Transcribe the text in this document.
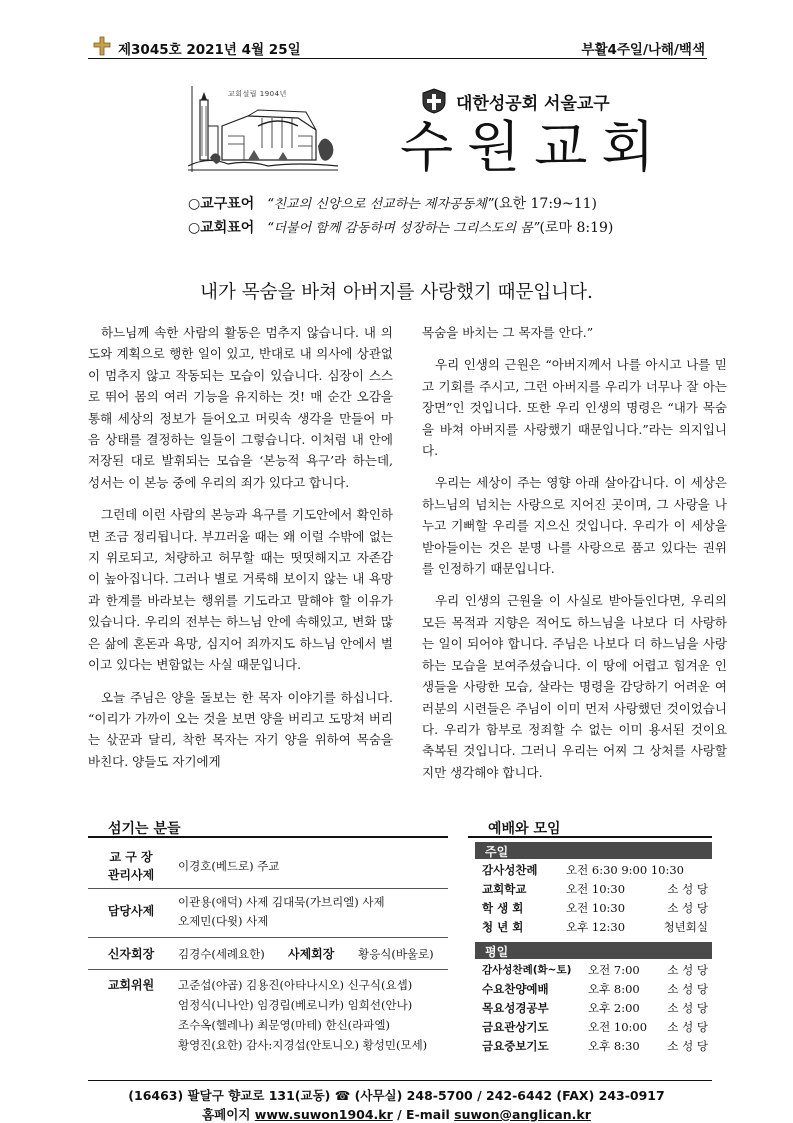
제3045호 2021년 4월 25일	부활4주일/나해/백색
교회설립 1904년	대한성공회 서울교구
수원교회
○교구표어 “친교의 신앙으로 선교하는 제자공동체”(요한 17:9~11)
○교회표어 “더불어 함께 감동하며 성장하는 그리스도의 몸”(로마 8:19)
내가 목숨을 바쳐 아버지를 사랑했기 때문입니다.

하느님께 속한 사람의 활동은 멈추지 않습니다. 내 의도와 계획으로 행한 일이 있고, 반대로 내 의사에 상관없이 멈추지 않고 작동되는 모습이 있습니다. 심장이 스스로 뛰어 몸의 여러 기능을 유지하는 것! 매 순간 오감을 통해 세상의 정보가 들어오고 머릿속 생각을 만들어 마음 상태를 결정하는 일들이 그렇습니다. 이처럼 내 안에 저장된 대로 발휘되는 모습을 ‘본능적 욕구’라 하는데, 성서는 이 본능 중에 우리의 죄가 있다고 합니다.

그런데 이런 사람의 본능과 욕구를 기도안에서 확인하면 조금 정리됩니다. 부끄러울 때는 왜 이럴 수밖에 없는지 위로되고, 처량하고 허무할 때는 떳떳해지고 자존감이 높아집니다. 그러나 별로 거룩해 보이지 않는 내 욕망과 한계를 바라보는 행위를 기도라고 말해야 할 이유가 있습니다. 우리의 전부는 하느님 안에 속해있고, 변화 많은 삶에 혼돈과 욕망, 심지어 죄까지도 하느님 안에서 벌이고 있다는 변함없는 사실 때문입니다.

오늘 주님은 양을 돌보는 한 목자 이야기를 하십니다. “이리가 가까이 오는 것을 보면 양을 버리고 도망쳐 버리는 삯꾼과 달리, 착한 목자는 자기 양을 위하여 목숨을 바친다. 양들도 자기에게

목숨을 바치는 그 목자를 안다.”

우리 인생의 근원은 “아버지께서 나를 아시고 나를 믿고 기회를 주시고, 그런 아버지를 우리가 너무나 잘 아는 장면”인 것입니다. 또한 우리 인생의 명령은 “내가 목숨을 바쳐 아버지를 사랑했기 때문입니다.”라는 의지입니다.

우리는 세상이 주는 영향 아래 살아갑니다. 이 세상은 하느님의 넘치는 사랑으로 지어진 곳이며, 그 사랑을 나누고 기뻐할 우리를 지으신 것입니다. 우리가 이 세상을 받아들이는 것은 분명 나를 사랑으로 품고 있다는 권위를 인정하기 때문입니다.

우리 인생의 근원을 이 사실로 받아들인다면, 우리의 모든 목적과 지향은 적어도 하느님을 나보다 더 사랑하는 일이 되어야 합니다. 주님은 나보다 더 하느님을 사랑하는 모습을 보여주셨습니다. 이 땅에 어렵고 힘겨운 인생들을 사랑한 모습, 살라는 명령을 감당하기 어려운 여러분의 시련들은 주님이 이미 먼저 사랑했던 것이었습니다. 우리가 함부로 정죄할 수 없는 이미 용서된 것이요 축복된 것입니다. 그러니 우리는 어찌 그 상처를 사랑할지만 생각해야 합니다.

섬기는 분들
교 구 장
관리사제
이경호(베드로) 주교
담당사제
이관용(애덕) 사제 김대묵(가브리엘) 사제
오제민(다윗) 사제
신자회장	김경수(세례요한)	사제회장	황응식(바울로)
교회위원	고준섭(야곱) 김용진(아타나시오) 신구식(요셉)
엄정식(니나안) 임경림(베로니카) 임희선(안나)
조수옥(헬레나) 최문영(마테) 한신(라파엘)
황영진(요한) 감사:지경섭(안토니오) 황성민(모세)
예배와 모임
주일
감사성찬례 오전 6:30 9:00 10:30
교회학교	오전 10:30	소 성 당
학 생 회	오전 10:30	소 성 당
청 년 회	오후 12:30	청년회실
평일
감사성찬례(화~토) 오전 7:00 소 성 당
수요찬양예배	오후 8:00 소 성 당
목요성경공부	오후 2:00 소 성 당
금요관상기도	오전 10:00 소 성 당
금요중보기도	오후 8:30 소 성 당
(16463) 팔달구 향교로 131(교동) ☎ (사무실) 248-5700 / 242-6442 (FAX) 243-0917
홈페이지 www.suwon1904.kr / E-mail suwon@anglican.kr
